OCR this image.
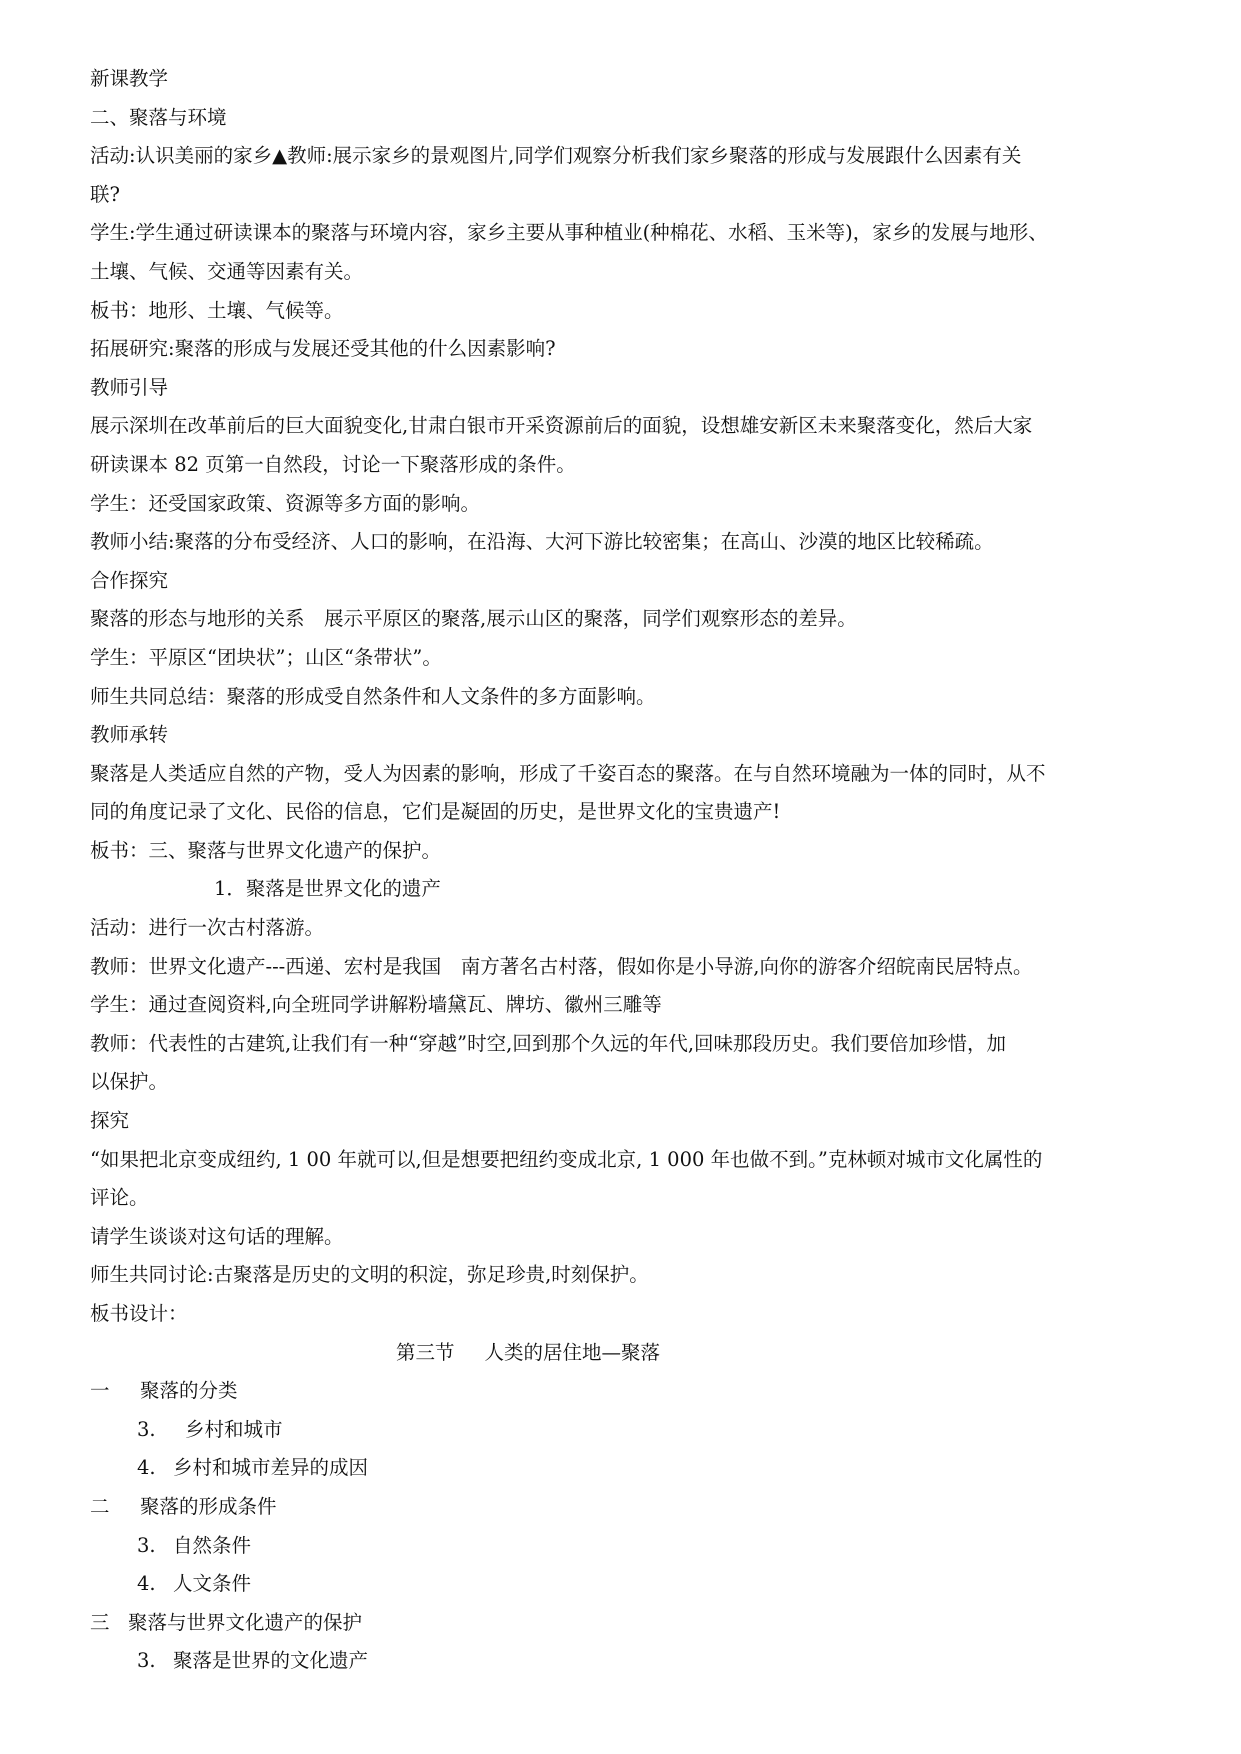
新课教学
二、聚落与环境
活动:认识美丽的家乡▲教师:展示家乡的景观图片,同学们观察分析我们家乡聚落的形成与发展跟什么因素有关
联?
学生:学生通过研读课本的聚落与环境内容，家乡主要从事种植业(种棉花、水稻、玉米等)，家乡的发展与地形、
土壤、气候、交通等因素有关。
板书：地形、土壤、气候等。
拓展研究:聚落的形成与发展还受其他的什么因素影响?
教师引导
展示深圳在改革前后的巨大面貌变化,甘肃白银市开采资源前后的面貌，设想雄安新区未来聚落变化，然后大家
研读课本 82 页第一自然段，讨论一下聚落形成的条件。
学生：还受国家政策、资源等多方面的影响。
教师小结:聚落的分布受经济、人口的影响，在沿海、大河下游比较密集；在高山、沙漠的地区比较稀疏。
合作探究
聚落的形态与地形的关系　展示平原区的聚落,展示山区的聚落，同学们观察形态的差异。
学生：平原区“团块状”；山区“条带状”。
师生共同总结：聚落的形成受自然条件和人文条件的多方面影响。
教师承转
聚落是人类适应自然的产物，受人为因素的影响，形成了千姿百态的聚落。在与自然环境融为一体的同时，从不
同的角度记录了文化、民俗的信息，它们是凝固的历史，是世界文化的宝贵遗产!
板书：三、聚落与世界文化遗产的保护。
1．聚落是世界文化的遗产
活动：进行一次古村落游。
教师：世界文化遗产---西递、宏村是我国　南方著名古村落，假如你是小导游,向你的游客介绍皖南民居特点。
学生：通过查阅资料,向全班同学讲解粉墙黛瓦、牌坊、徽州三雕等
教师：代表性的古建筑,让我们有一种“穿越”时空,回到那个久远的年代,回味那段历史。我们要倍加珍惜，加
以保护。
探究
“如果把北京变成纽约, 1 00 年就可以,但是想要把纽约变成北京, 1 000 年也做不到。”克林顿对城市文化属性的
评论。
请学生谈谈对这句话的理解。
师生共同讨论:古聚落是历史的文明的积淀，弥足珍贵,时刻保护。
板书设计：
第三节 人类的居住地—聚落
一 聚落的分类
3. 乡村和城市
4. 乡村和城市差异的成因
二 聚落的形成条件
3. 自然条件
4. 人文条件
三 聚落与世界文化遗产的保护
3. 聚落是世界的文化遗产
